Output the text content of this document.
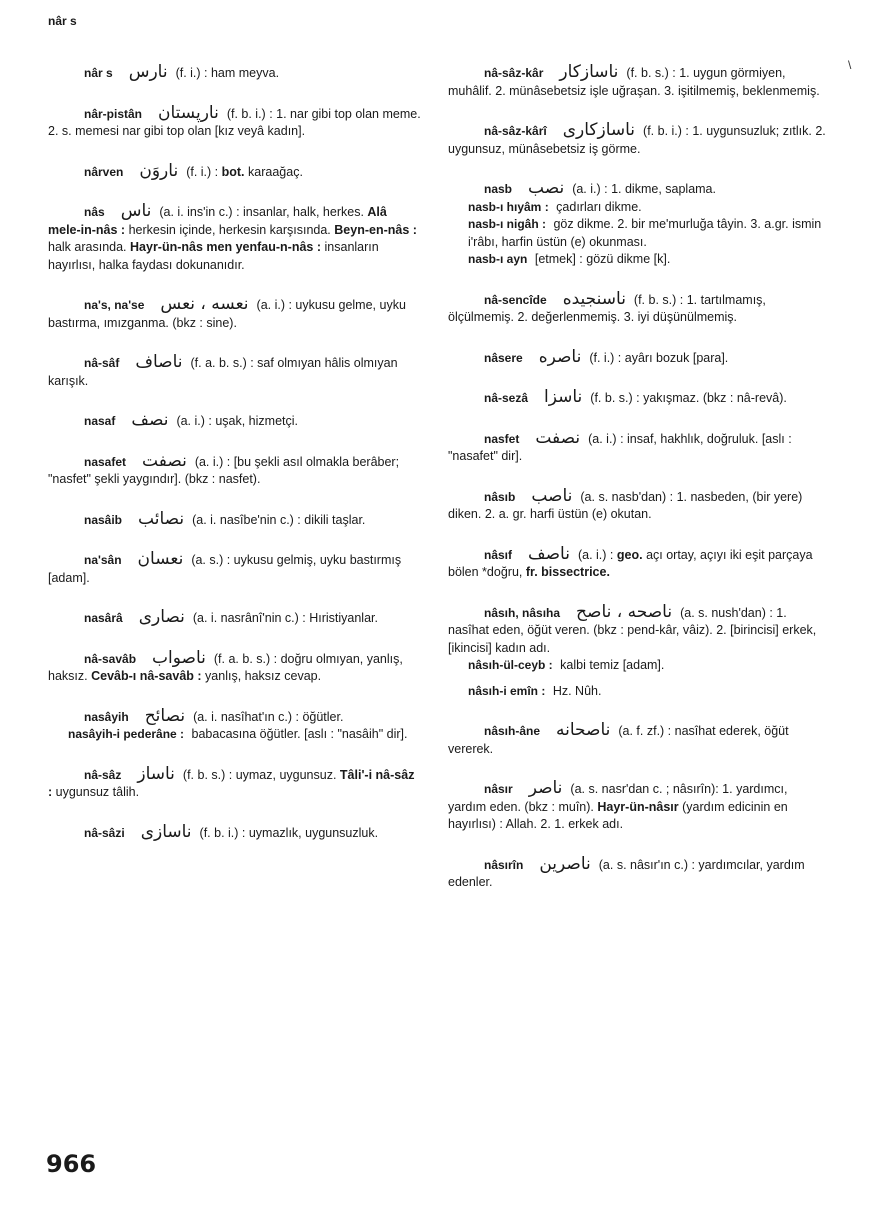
nâr s
\
nâr s نارس (f. i.) : ham meyva.
nâr-pistân نارپستان (f. b. i.) : 1. nar gibi top olan meme. 2. s. memesi nar gibi top olan [kız veyâ kadın].
nârven ناروَن (f. i.) : bot. karaağaç.
nâs ناس (a. i. ins'in c.) : insanlar, halk, herkes. Alâ mele-in-nâs : herkesin içinde, herkesin karşısında. Beyn-en-nâs : halk arasında. Hayr-ün-nâs men yenfau-n-nâs : insanların hayırlısı, halka faydası dokunanıdır.
na's, na'se نعسه ، نعس (a. i.) : uykusu gelme, uyku bastırma, ımızganma. (bkz : sine).
nâ-sâf ناصاف (f. a. b. s.) : saf olmıyan hâlis olmıyan karışık.
nasaf نصف (a. i.) : uşak, hizmetçi.
nasafet نصفت (a. i.) : [bu şekli asıl olmakla berâber; "nasfet" şekli yaygındır]. (bkz : nasfet).
nasâib نصائب (a. i. nasîbe'nin c.) : dikili taşlar.
na'sân نعسان (a. s.) : uykusu gelmiş, uyku bastırmış [adam].
nasârâ نصارى (a. i. nasrânî'nin c.) : Hıristiyanlar.
nâ-savâb ناصواب (f. a. b. s.) : doğru olmıyan, yanlış, haksız. Cevâb-ı nâ-savâb : yanlış, haksız cevap.
nasâyih نصائح (a. i. nasîhat'ın c.) : öğütler.
nasâyih-i pederâne : babacasına öğütler. [aslı : "nasâih" dir].
nâ-sâz ناساز (f. b. s.) : uymaz, uygunsuz. Tâli'-i nâ-sâz : uygunsuz tâlih.
nâ-sâzi ناسازى (f. b. i.) : uymazlık, uygunsuzluk.
nâ-sâz-kâr ناسازكار (f. b. s.) : 1. uygun görmiyen, muhâlif. 2. münâsebetsiz işle uğraşan. 3. işitilmemiş, beklenmemiş.
nâ-sâz-kârî ناسازكارى (f. b. i.) : 1. uygunsuzluk; zıtlık. 2. uygunsuz, münâsebetsiz iş görme.
nasb نصب (a. i.) : 1. dikme, saplama.
nasb-ı hıyâm : çadırları dikme.
nasb-ı nigâh : göz dikme. 2. bir me'murluğa tâyin. 3. a.gr. ismin i'râbı, harfin üstün (e) okunması.
nasb-ı ayn [etmek] : gözü dikme [k].
nâ-sencîde ناسنجيده (f. b. s.) : 1. tartılmamış, ölçülmemiş. 2. değerlenmemiş. 3. iyi düşünülmemiş.
nâsere ناصره (f. i.) : ayârı bozuk [para].
nâ-sezâ ناسزا (f. b. s.) : yakışmaz. (bkz : nâ-revâ).
nasfet نصفت (a. i.) : insaf, hakhlık, doğruluk. [aslı : "nasafet" dir].
nâsıb ناصب (a. s. nasb'dan) : 1. nasbeden, (bir yere) diken. 2. a. gr. harfi üstün (e) okutan.
nâsıf ناصف (a. i.) : geo. açı ortay, açıyı iki eşit parçaya bölen *doğru, fr. bissectrice.
nâsıh, nâsıha ناصحه ، ناصح (a. s. nush'dan) : 1. nasîhat eden, öğüt veren. (bkz : pend-kâr, vâiz). 2. [birincisi] erkek, [ikincisi] kadın adı.
nâsıh-ül-ceyb : kalbi temiz [adam].
nâsıh-i emîn : Hz. Nûh.
nâsıh-âne ناصحانه (a. f. zf.) : nasîhat ederek, öğüt vererek.
nâsır ناصر (a. s. nasr'dan c. ; nâsırîn): 1. yardımcı, yardım eden. (bkz : muîn). Hayr-ün-nâsır (yardım edicinin en hayırlısı) : Allah. 2. 1. erkek adı.
nâsırîn ناصرين (a. s. nâsır'ın c.) : yardımcılar, yardım edenler.
966
